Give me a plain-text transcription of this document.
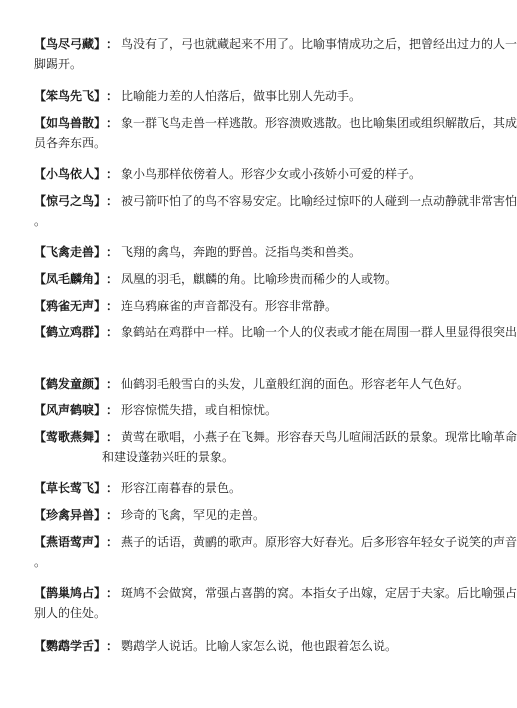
【鸟尽弓藏】 ： 鸟没有了，弓也就藏起来不用了。比喻事情成功之后，把曾经出过力的人一
脚踢开。
【笨鸟先飞】 ： 比喻能力差的人怕落后，做事比别人先动手。
【如鸟兽散】 ： 象一群飞鸟走兽一样逃散。形容溃败逃散。也比喻集团或组织解散后，其成
员各奔东西。
【小鸟依人】 ： 象小鸟那样依傍着人。形容少女或小孩娇小可爱的样子。
【惊弓之鸟】 ： 被弓箭吓怕了的鸟不容易安定。比喻经过惊吓的人碰到一点动静就非常害怕
。
【飞禽走兽】 ： 飞翔的禽鸟，奔跑的野兽。泛指鸟类和兽类。
【凤毛麟角】 ： 凤凰的羽毛，麒麟的角。比喻珍贵而稀少的人或物。
【鸦雀无声】 ： 连乌鸦麻雀的声音都没有。形容非常静。
【鹤立鸡群】 ： 象鹤站在鸡群中一样。比喻一个人的仪表或才能在周围一群人里显得很突出
【鹤发童颜】 ： 仙鹤羽毛般雪白的头发，儿童般红润的面色。形容老年人气色好。
【风声鹤唳】 ： 形容惊慌失措，或自相惊忧。
【莺歌燕舞】 ： 黄莺在歌唱，小燕子在飞舞。形容春天鸟儿喧闹活跃的景象。现常比喻革命
和建设蓬勃兴旺的景象。
【草长莺飞】 ： 形容江南暮春的景色。
【珍禽异兽】 ： 珍奇的飞禽，罕见的走兽。
【燕语莺声】 ： 燕子的话语，黄鹂的歌声。原形容大好春光。后多形容年轻女子说笑的声音
。
【鹊巢鸠占】 ： 斑鸠不会做窝，常强占喜鹊的窝。本指女子出嫁，定居于夫家。后比喻强占
别人的住处。
【鹦鹉学舌】 ： 鹦鹉学人说话。比喻人家怎么说，他也跟着怎么说。
